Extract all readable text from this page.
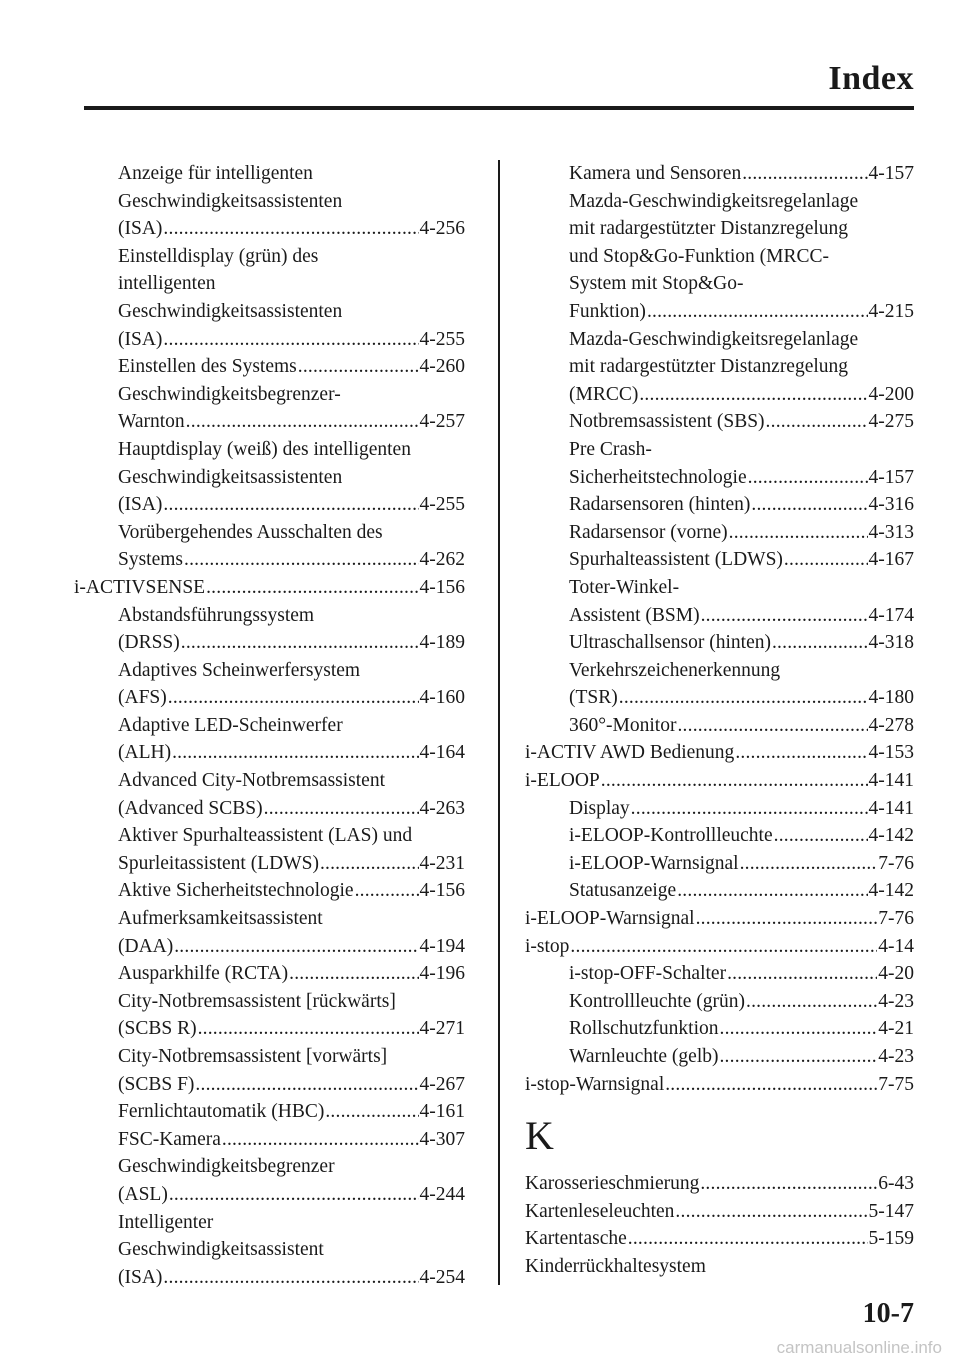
Index
Anzeige für intelligenten
Geschwindigkeitsassistenten
(ISA) .....	4-256
Einstelldisplay (grün) des
intelligenten
Geschwindigkeitsassistenten
(ISA) .....	4-255
Einstellen des Systems .....	4-260
Geschwindigkeitsbegrenzer-
Warnton .....	4-257
Hauptdisplay (weiß) des intelligenten
Geschwindigkeitsassistenten
(ISA) .....	4-255
Vorübergehendes Ausschalten des
Systems .....	4-262
i-ACTIVSENSE .....	4-156
Abstandsführungssystem
(DRSS) .....	4-189
Adaptives Scheinwerfersystem
(AFS) .....	4-160
Adaptive LED-Scheinwerfer
(ALH) .....	4-164
Advanced City-Notbremsassistent
(Advanced SCBS) .....	4-263
Aktiver Spurhalteassistent (LAS) und
Spurleitassistent (LDWS) .....	4-231
Aktive Sicherheitstechnologie .....	4-156
Aufmerksamkeitsassistent
(DAA) .....	4-194
Ausparkhilfe (RCTA) .....	4-196
City-Notbremsassistent [rückwärts]
(SCBS R) .....	4-271
City-Notbremsassistent [vorwärts]
(SCBS F) .....	4-267
Fernlichtautomatik (HBC) .....	4-161
FSC-Kamera .....	4-307
Geschwindigkeitsbegrenzer
(ASL) .....	4-244
Intelligenter
Geschwindigkeitsassistent
(ISA) .....	4-254
Kamera und Sensoren .....	4-157
Mazda-Geschwindigkeitsregelanlage
mit radargestützter Distanzregelung
und Stop&Go-Funktion (MRCC-
System mit Stop&Go-
Funktion) .....	4-215
Mazda-Geschwindigkeitsregelanlage
mit radargestützter Distanzregelung
(MRCC) .....	4-200
Notbremsassistent (SBS) .....	4-275
Pre Crash-
Sicherheitstechnologie .....	4-157
Radarsensoren (hinten) .....	4-316
Radarsensor (vorne) .....	4-313
Spurhalteassistent (LDWS) .....	4-167
Toter-Winkel-
Assistent (BSM) .....	4-174
Ultraschallsensor (hinten) .....	4-318
Verkehrszeichenerkennung
(TSR) .....	4-180
360°-Monitor .....	4-278
i-ACTIV AWD Bedienung .....	4-153
i-ELOOP .....	4-141
Display .....	4-141
i-ELOOP-Kontrollleuchte .....	4-142
i-ELOOP-Warnsignal .....	7-76
Statusanzeige .....	4-142
i-ELOOP-Warnsignal .....	7-76
i-stop .....	4-14
i-stop-OFF-Schalter .....	4-20
Kontrollleuchte (grün) .....	4-23
Rollschutzfunktion .....	4-21
Warnleuchte (gelb) .....	4-23
i-stop-Warnsignal .....	7-75
K
Karosserieschmierung .....	6-43
Kartenleseleuchten .....	5-147
Kartentasche .....	5-159
Kinderrückhaltesystem
10-7
carmanualsonline.info
